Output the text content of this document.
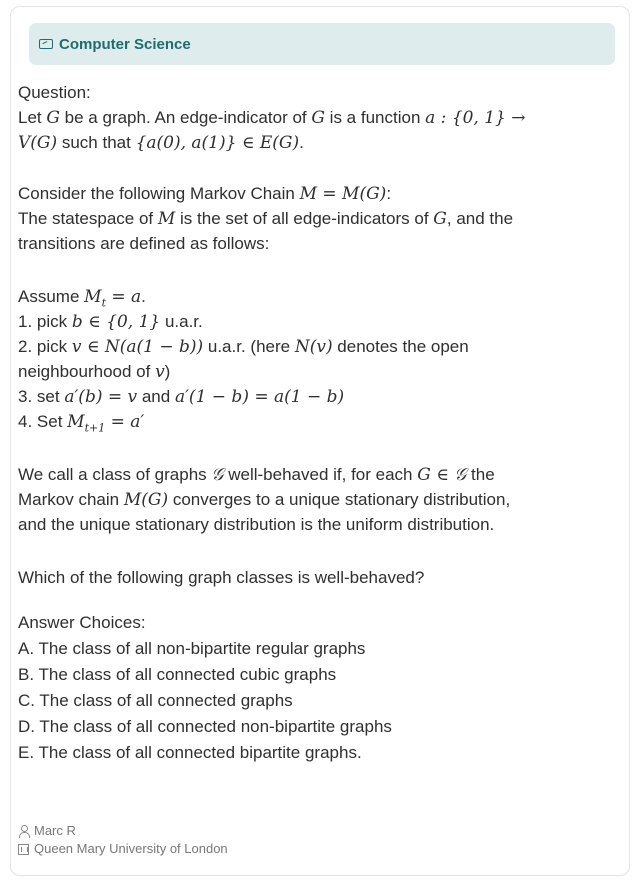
Computer Science
Question:
Let G be a graph. An edge-indicator of G is a function a : {0, 1} →
V(G) such that {a(0), a(1)} ∈ E(G).
Consider the following Markov Chain M = M(G):
The statespace of M is the set of all edge-indicators of G, and the
transitions are defined as follows:
Assume $M_t = a$.
1. pick b ∈ {0, 1} u.a.r.
2. pick v ∈ N(a(1 − b)) u.a.r. (here N(v) denotes the open
neighbourhood of v)
3. set a′(b) = v and a′(1 − b) = a(1 − b)
4. Set $M_{t+1} = a'$
We call a class of graphs 𝒢 well-behaved if, for each G ∈ 𝒢 the
Markov chain M(G) converges to a unique stationary distribution,
and the unique stationary distribution is the uniform distribution.
Which of the following graph classes is well-behaved?
Answer Choices:
A. The class of all non-bipartite regular graphs
B. The class of all connected cubic graphs
C. The class of all connected graphs
D. The class of all connected non-bipartite graphs
E. The class of all connected bipartite graphs.
Marc R
Queen Mary University of London
